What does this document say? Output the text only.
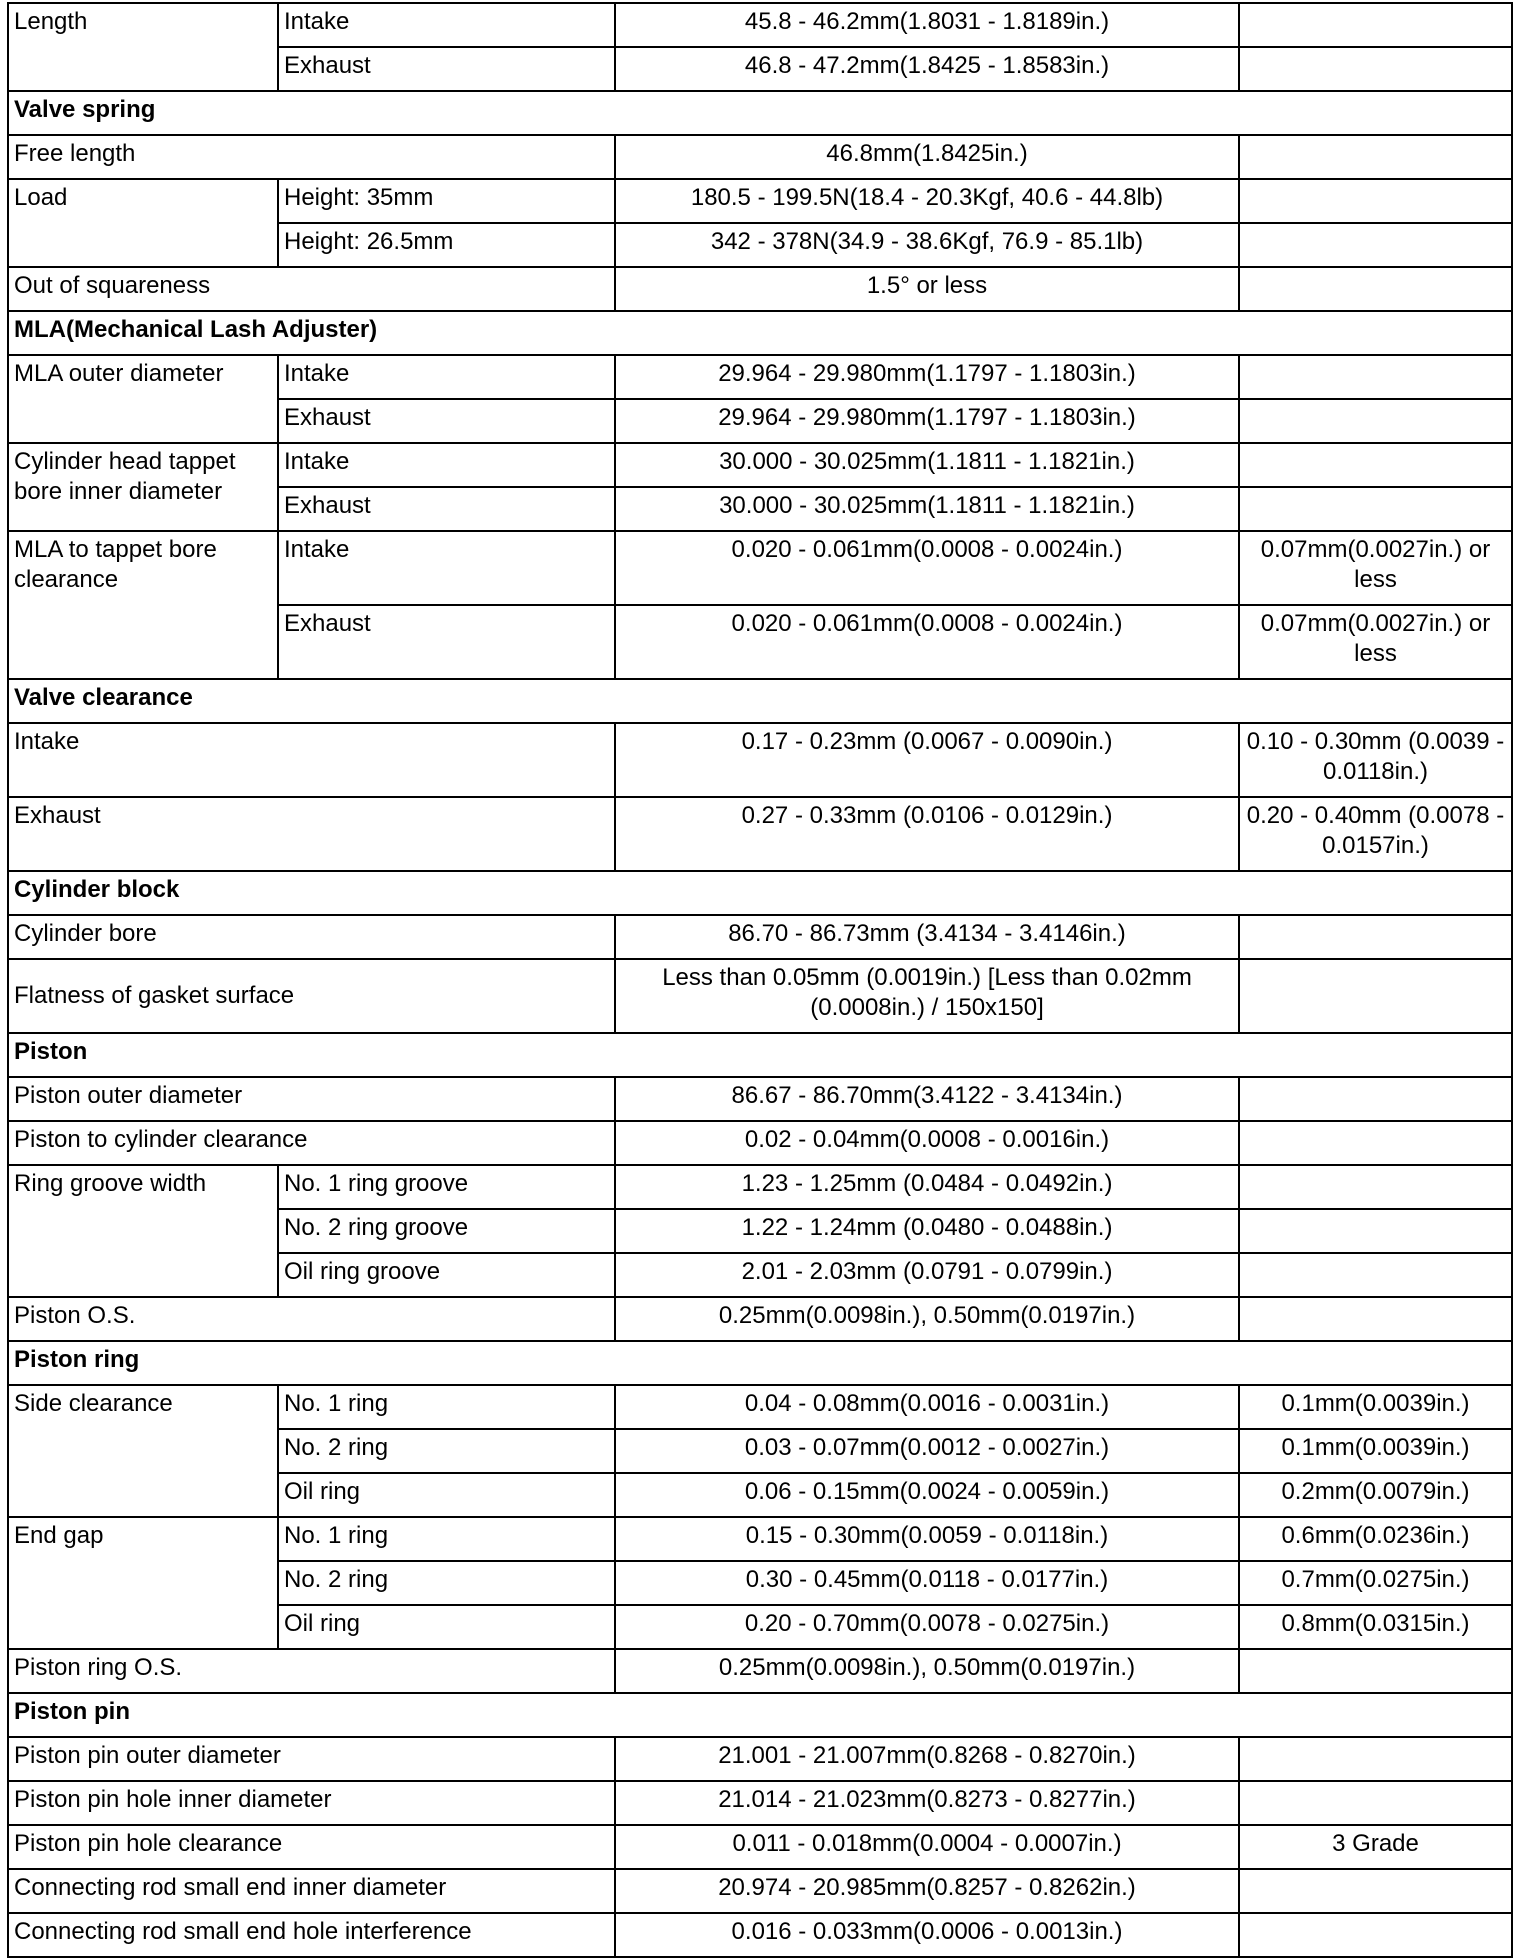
Length	Intake	45.8 - 46.2mm(1.8031 - 1.8189in.)	
	Exhaust	46.8 - 47.2mm(1.8425 - 1.8583in.)	
Valve spring			
Free length		46.8mm(1.8425in.)	
Load	Height: 35mm	180.5 - 199.5N(18.4 - 20.3Kgf, 40.6 - 44.8lb)	
	Height: 26.5mm	342 - 378N(34.9 - 38.6Kgf, 76.9 - 85.1lb)	
Out of squareness		1.5° or less	
MLA(Mechanical Lash Adjuster)			
MLA outer diameter	Intake	29.964 - 29.980mm(1.1797 - 1.1803in.)	
	Exhaust	29.964 - 29.980mm(1.1797 - 1.1803in.)	
Cylinder head tappet bore inner diameter	Intake	30.000 - 30.025mm(1.1811 - 1.1821in.)	
	Exhaust	30.000 - 30.025mm(1.1811 - 1.1821in.)	
MLA to tappet bore clearance	Intake	0.020 - 0.061mm(0.0008 - 0.0024in.)	0.07mm(0.0027in.) or less
	Exhaust	0.020 - 0.061mm(0.0008 - 0.0024in.)	0.07mm(0.0027in.) or less
Valve clearance			
Intake		0.17 - 0.23mm (0.0067 - 0.0090in.)	0.10 - 0.30mm (0.0039 - 0.0118in.)
Exhaust		0.27 - 0.33mm (0.0106 - 0.0129in.)	0.20 - 0.40mm (0.0078 - 0.0157in.)
Cylinder block			
Cylinder bore		86.70 - 86.73mm (3.4134 - 3.4146in.)	
Flatness of gasket surface		Less than 0.05mm (0.0019in.) [Less than 0.02mm (0.0008in.) / 150x150]	
Piston			
Piston outer diameter		86.67 - 86.70mm(3.4122 - 3.4134in.)	
Piston to cylinder clearance		0.02 - 0.04mm(0.0008 - 0.0016in.)	
Ring groove width	No. 1 ring groove	1.23 - 1.25mm (0.0484 - 0.0492in.)	
	No. 2 ring groove	1.22 - 1.24mm (0.0480 - 0.0488in.)	
	Oil ring groove	2.01 - 2.03mm (0.0791 - 0.0799in.)	
Piston O.S.		0.25mm(0.0098in.), 0.50mm(0.0197in.)	
Piston ring			
Side clearance	No. 1 ring	0.04 - 0.08mm(0.0016 - 0.0031in.)	0.1mm(0.0039in.)
	No. 2 ring	0.03 - 0.07mm(0.0012 - 0.0027in.)	0.1mm(0.0039in.)
	Oil ring	0.06 - 0.15mm(0.0024 - 0.0059in.)	0.2mm(0.0079in.)
End gap	No. 1 ring	0.15 - 0.30mm(0.0059 - 0.0118in.)	0.6mm(0.0236in.)
	No. 2 ring	0.30 - 0.45mm(0.0118 - 0.0177in.)	0.7mm(0.0275in.)
	Oil ring	0.20 - 0.70mm(0.0078 - 0.0275in.)	0.8mm(0.0315in.)
Piston ring O.S.		0.25mm(0.0098in.), 0.50mm(0.0197in.)	
Piston pin			
Piston pin outer diameter		21.001 - 21.007mm(0.8268 - 0.8270in.)	
Piston pin hole inner diameter		21.014 - 21.023mm(0.8273 - 0.8277in.)	
Piston pin hole clearance		0.011 - 0.018mm(0.0004 - 0.0007in.)	3 Grade
Connecting rod small end inner diameter		20.974 - 20.985mm(0.8257 - 0.8262in.)	
Connecting rod small end hole interference		0.016 - 0.033mm(0.0006 - 0.0013in.)	
